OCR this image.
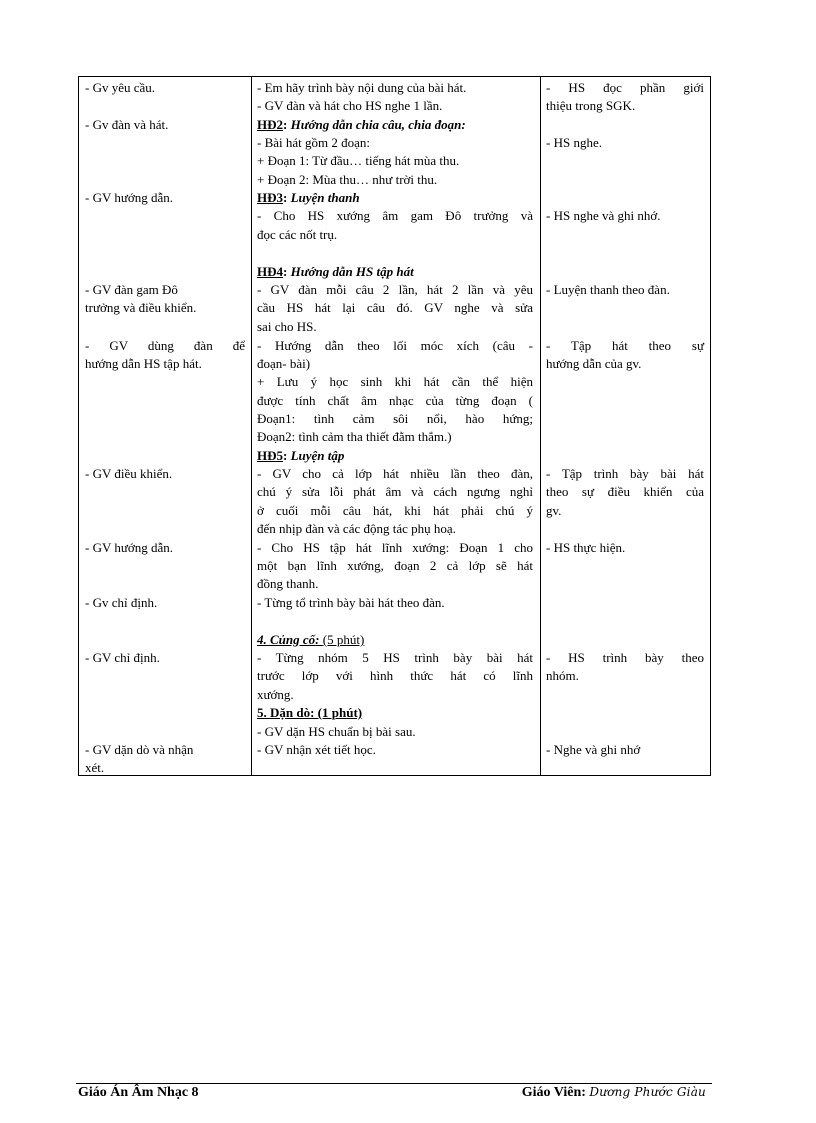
- Gv yêu cầu.

- Gv đàn và hát.

- GV hướng dẫn.

- GV đàn gam Đô

trưởng và điều khiển.

- GV dùng đàn để

hướng dẫn HS tập hát.

- GV điều khiển.

- GV hướng dẫn.

- Gv chỉ định.

- GV chỉ định.

- GV dặn dò và nhận

xét.

- Em hãy trình bày nội dung của bài hát.

- GV đàn và hát cho HS nghe 1 lần.

HĐ2: Hướng dẫn chia câu, chia đoạn:

- Bài hát gồm 2 đoạn:

+ Đoạn 1: Từ đầu… tiếng hát mùa thu.

+ Đoạn 2: Mùa thu… như trời thu.

HĐ3: Luyện thanh

- Cho HS xướng âm gam Đô trưởng và

đọc các nốt trụ.

HĐ4: Hướng dẫn HS tập hát

- GV đàn mỗi câu 2 lần, hát 2 lần và yêu

cầu HS hát lại câu đó. GV nghe và sửa

sai cho HS.

- Hướng dẫn theo lối móc xích (câu -

đoạn- bài)

+ Lưu ý học sinh khi hát cần thể hiện

được tính chất âm nhạc của từng đoạn (

Đoạn1: tình cảm sôi nổi, hào hứng;

Đoạn2: tình cảm tha thiết đằm thắm.)

HĐ5: Luyện tập

- GV cho cả lớp hát nhiều lần theo đàn,

chú ý sửa lỗi phát âm và cách ngưng nghỉ

ở cuối mỗi câu hát, khi hát phải chú ý

đến nhịp đàn và các động tác phụ hoạ.

- Cho HS tập hát lĩnh xướng: Đoạn 1 cho

một bạn lĩnh xướng, đoạn 2 cả lớp sẽ hát

đồng thanh.

- Từng tổ trình bày bài hát theo đàn.

4. Củng cố: (5 phút)

- Từng nhóm 5 HS trình bày bài hát

trước lớp với hình thức hát có lĩnh

xướng.

5. Dặn dò: (1 phút)

- GV dặn HS chuẩn bị bài sau.

- GV nhận xét tiết học.

- HS đọc phần giới

thiệu trong SGK.

- HS nghe.

- HS nghe và ghi nhớ.

- Luyện thanh theo đàn.

- Tập hát theo sự

hướng dẫn của gv.

- Tập trình bày bài hát

theo sự điều khiển của

gv.

- HS thực hiện.

- HS trình bày theo

nhóm.

- Nghe và ghi nhớ

Giáo Án Âm Nhạc 8	Giáo Viên: Dương Phước Giàu
